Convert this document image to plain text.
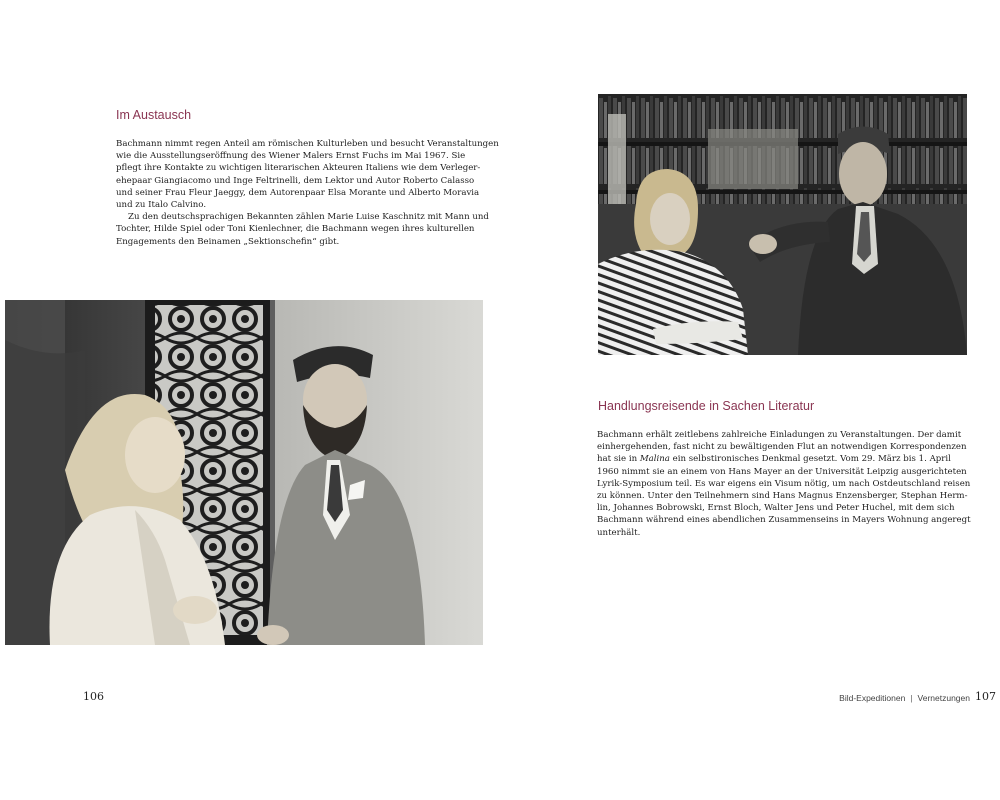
Im Austausch
Bachmann nimmt regen Anteil am römischen Kulturleben und besucht Veranstaltungen
wie die Ausstellungseröffnung des Wiener Malers Ernst Fuchs im Mai 1967. Sie
pflegt ihre Kontakte zu wichtigen literarischen Akteuren Italiens wie dem Verleger-
ehepaar Giangiacomo und Inge Feltrinelli, dem Lektor und Autor Roberto Calasso
und seiner Frau Fleur Jaeggy, dem Autorenpaar Elsa Morante und Alberto Moravia
und zu Italo Calvino.
Zu den deutschsprachigen Bekannten zählen Marie Luise Kaschnitz mit Mann und
Tochter, Hilde Spiel oder Toni Kienlechner, die Bachmann wegen ihres kulturellen
Engagements den Beinamen „Sektionschefin“ gibt.
106
Handlungsreisende in Sachen Literatur
Bachmann erhält zeitlebens zahlreiche Einladungen zu Veranstaltungen. Der damit
einhergehenden, fast nicht zu bewältigenden Flut an notwendigen Korrespondenzen
hat sie in Malina ein selbstironisches Denkmal gesetzt. Vom 29. März bis 1. April
1960 nimmt sie an einem von Hans Mayer an der Universität Leipzig ausgerichteten
Lyrik-Symposium teil. Es war eigens ein Visum nötig, um nach Ostdeutschland reisen
zu können. Unter den Teilnehmern sind Hans Magnus Enzensberger, Stephan Herm-
lin, Johannes Bobrowski, Ernst Bloch, Walter Jens und Peter Huchel, mit dem sich
Bachmann während eines abendlichen Zusammenseins in Mayers Wohnung angeregt
unterhält.
Bild-Expeditionen | Vernetzungen 107
